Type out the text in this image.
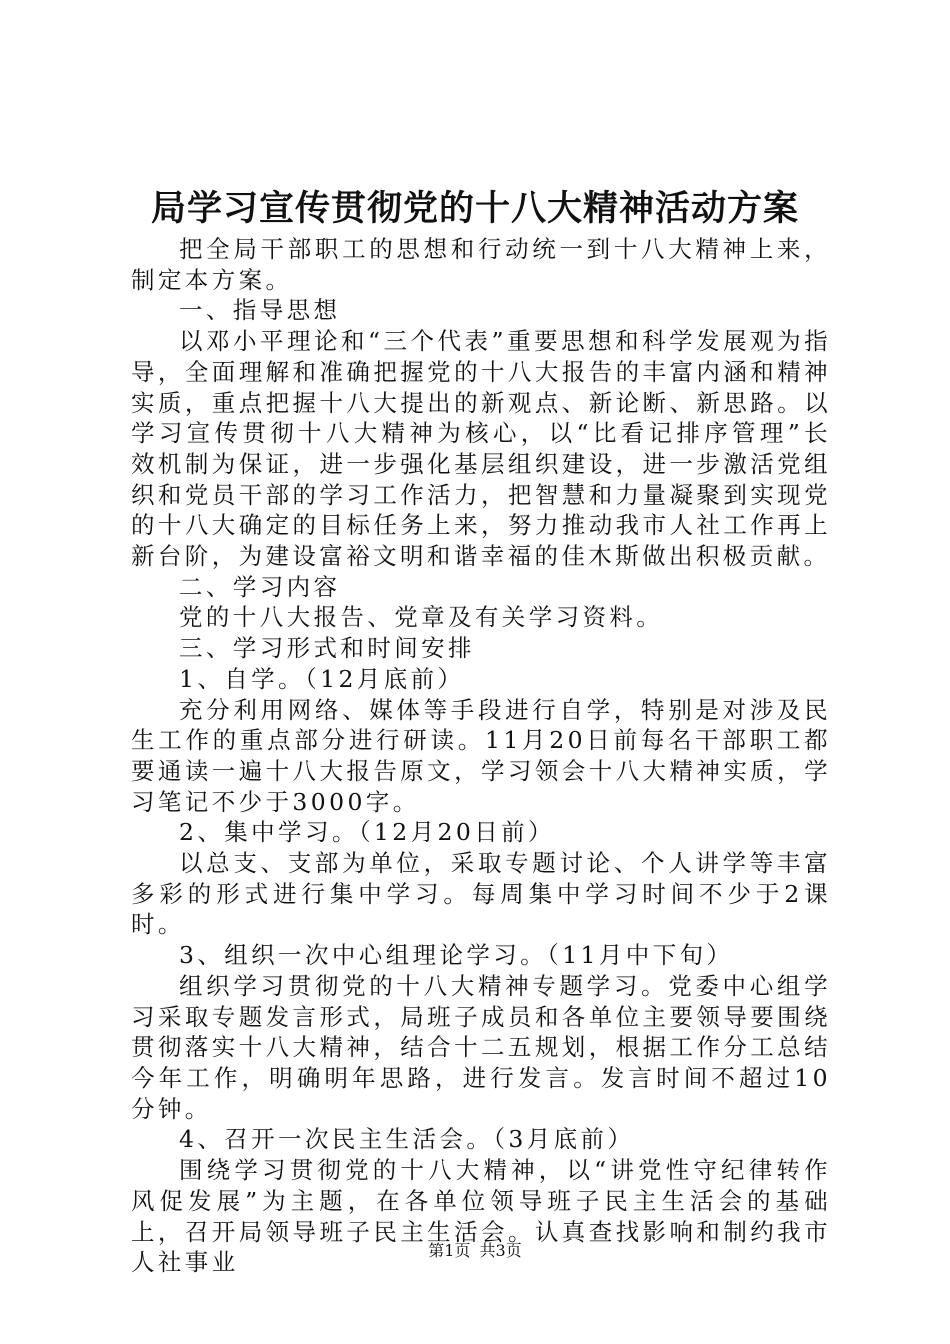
局学习宣传贯彻党的十八大精神活动方案

把全局干部职工的思想和行动统一到十八大精神上来，制定本方案。

一、指导思想

以邓小平理论和“三个代表”重要思想和科学发展观为指导，全面理解和准确把握党的十八大报告的丰富内涵和精神实质，重点把握十八大提出的新观点、新论断、新思路。以学习宣传贯彻十八大精神为核心，以“比看记排序管理”长效机制为保证，进一步强化基层组织建设，进一步激活党组织和党员干部的学习工作活力，把智慧和力量凝聚到实现党的十八大确定的目标任务上来，努力推动我市人社工作再上新台阶，为建设富裕文明和谐幸福的佳木斯做出积极贡献。

二、学习内容

党的十八大报告、党章及有关学习资料。

三、学习形式和时间安排

1、自学。（12月底前）

充分利用网络、媒体等手段进行自学，特别是对涉及民生工作的重点部分进行研读。11月20日前每名干部职工都要通读一遍十八大报告原文，学习领会十八大精神实质，学习笔记不少于3000字。

2、集中学习。（12月20日前）

以总支、支部为单位，采取专题讨论、个人讲学等丰富多彩的形式进行集中学习。每周集中学习时间不少于2课时。

3、组织一次中心组理论学习。（11月中下旬）

组织学习贯彻党的十八大精神专题学习。党委中心组学习采取专题发言形式，局班子成员和各单位主要领导要围绕贯彻落实十八大精神，结合十二五规划，根据工作分工总结今年工作，明确明年思路，进行发言。发言时间不超过10分钟。

4、召开一次民主生活会。（3月底前）

围绕学习贯彻党的十八大精神，以“讲党性守纪律转作风促发展”为主题，在各单位领导班子民主生活会的基础上，召开局领导班子民主生活会。认真查找影响和制约我市人社事业	第1页 共3页
